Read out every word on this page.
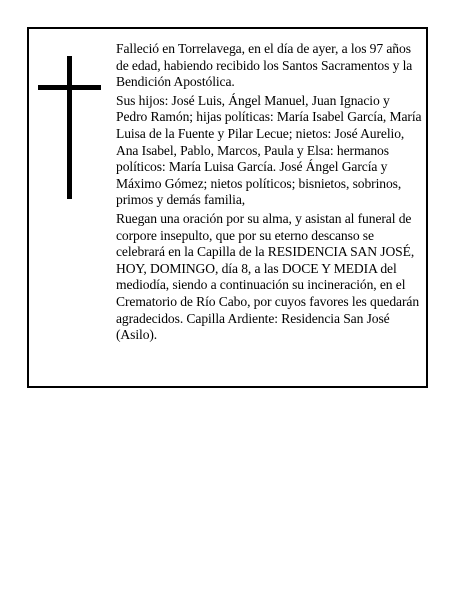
Falleció en Torrelavega, en el día de ayer, a los 97 años de edad, habiendo recibido los Santos Sacramentos y la Bendición Apostólica.

Sus hijos: José Luis, Ángel Manuel, Juan Ignacio y Pedro Ramón; hijas políticas: María Isabel García, María Luisa de la Fuente y Pilar Lecue; nietos: José Aurelio, Ana Isabel, Pablo, Marcos, Paula y Elsa: hermanos políticos: María Luisa García. José Ángel García y Máximo Gómez; nietos políticos; bisnietos, sobrinos, primos y demás familia,

Ruegan una oración por su alma, y asistan al funeral de corpore insepulto, que por su eterno descanso se celebrará en la Capilla de la RESIDENCIA SAN JOSÉ, HOY, DOMINGO, día 8, a las DOCE Y MEDIA del mediodía, siendo a continuación su incineración, en el Crematorio de Río Cabo, por cuyos favores les quedarán agradecidos. Capilla Ardiente: Residencia San José (Asilo).
